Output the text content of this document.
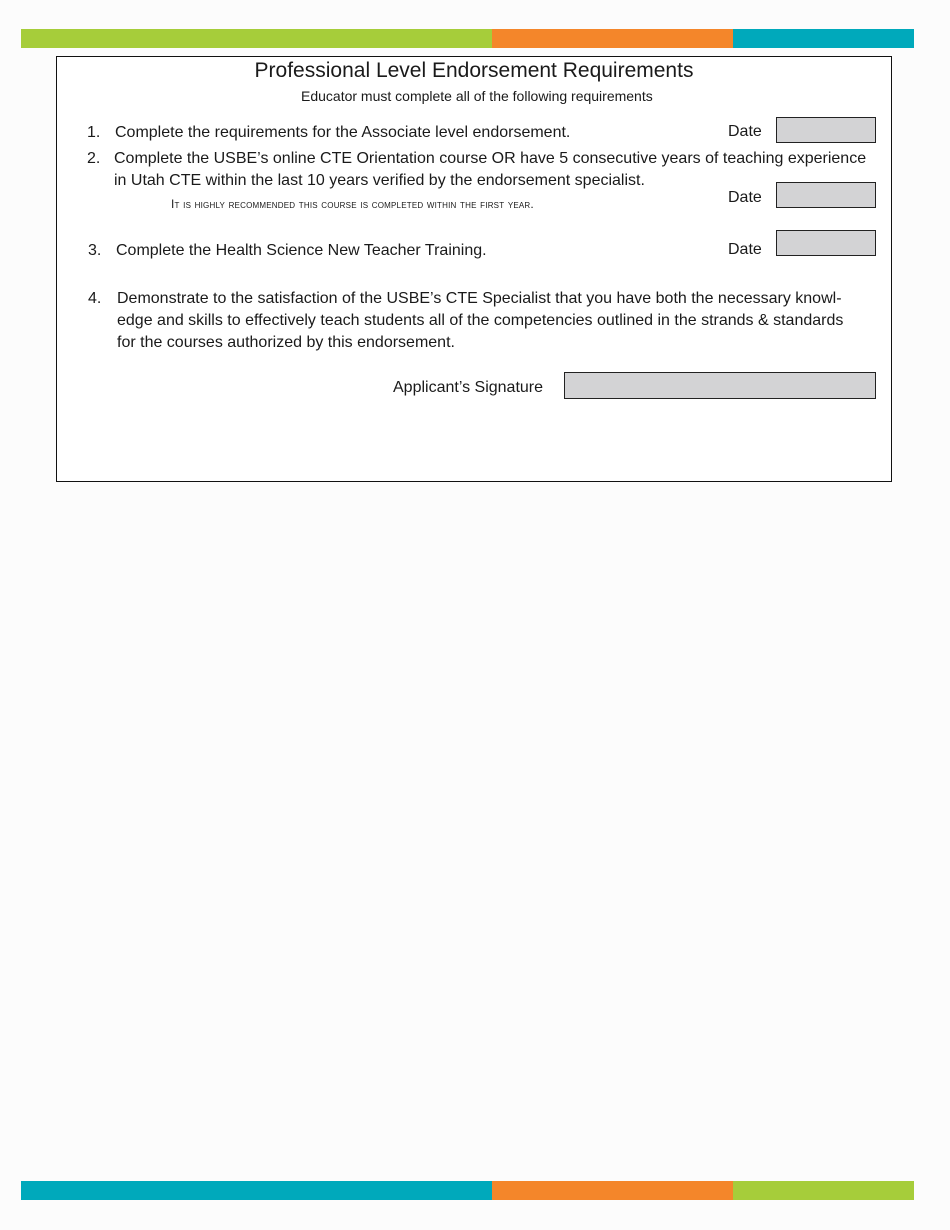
Professional Level Endorsement Requirements
Educator must complete all of the following requirements
1. Complete the requirements for the Associate level endorsement.	Date
2. Complete the USBE’s online CTE Orientation course OR have 5 consecutive years of teaching experience
in Utah CTE within the last 10 years verified by the endorsement specialist.
It is highly recommended this course is completed within the first year.	Date
3. Complete the Health Science New Teacher Training.	Date
4. Demonstrate to the satisfaction of the USBE’s CTE Specialist that you have both the necessary knowl-
edge and skills to effectively teach students all of the competencies outlined in the strands & standards
for the courses authorized by this endorsement.
Applicant’s Signature
